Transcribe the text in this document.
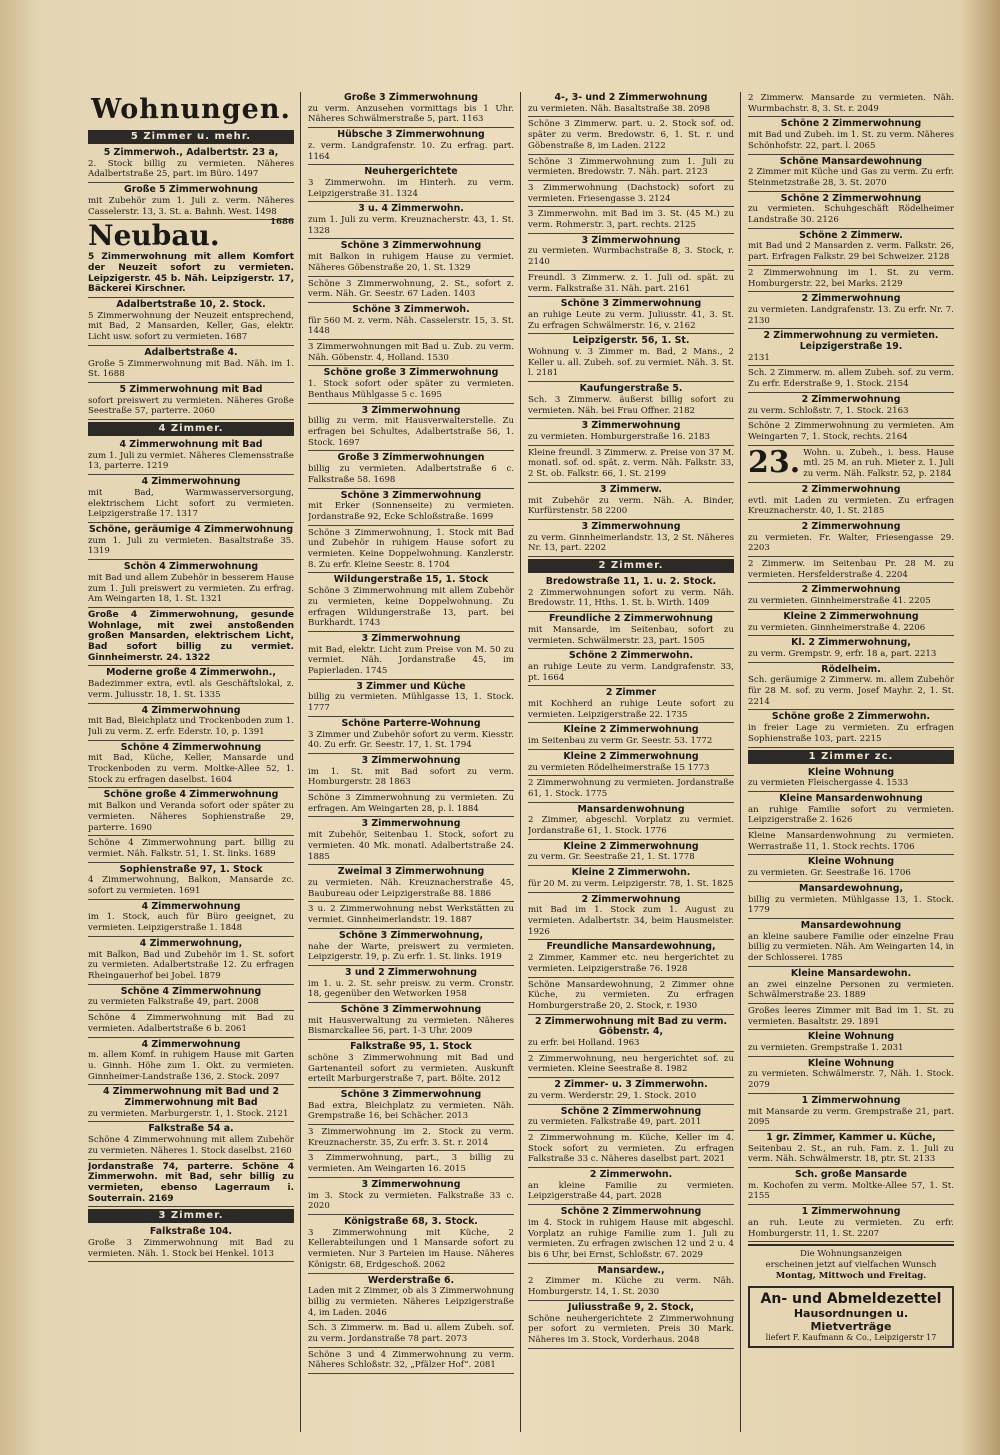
Wohnungen.
5 Zimmer u. mehr.
5 Zimmerwoh., Adalbertstr. 23 a,
2. Stock billig zu vermieten. Näheres Adalbertstraße 25, part. im Büro. 1497
Große 5 Zimmerwohnung
mit Zubehör zum 1. Juli z. verm. Näheres Casselerstr. 13, 3. St. a. Bahnh. West. 1498
Neubau.	1686
5 Zimmerwohnung mit allem Komfort der Neuzeit sofort zu vermieten. Leipzigerstr. 45 b. Näh. Leipzigerstr. 17, Bäckerei Kirschner.
Adalbertstraße 10, 2. Stock.
5 Zimmerwohnung der Neuzeit entsprechend, mit Bad, 2 Mansarden, Keller, Gas, elektr. Licht usw. sofort zu vermieten. 1687
Adalbertstraße 4.
Große 5 Zimmerwohnung mit Bad. Näh. im 1. St. 1688
5 Zimmerwohnung mit Bad
sofort preiswert zu vermieten. Näheres Große Seestraße 57, parterre. 2060
4 Zimmer.
4 Zimmerwohnung mit Bad
zum 1. Juli zu vermiet. Näheres Clemensstraße 13, parterre. 1219
4 Zimmerwohnung
mit Bad, Warmwasserversorgung, elektrischem Licht sofort zu vermieten. Leipzigerstraße 17. 1317
Schöne, geräumige 4 Zimmerwohnung
zum 1. Juli zu vermieten. Basaltstraße 35. 1319
Schön 4 Zimmerwohnung
mit Bad und allem Zubehör in besserem Hause zum 1. Juli preiswert zu vermieten. Zu erfrag. Am Weingarten 18, 1. St. 1321
Große 4 Zimmerwohnung, gesunde Wohnlage, mit zwei anstoßenden großen Mansarden, elektrischem Licht, Bad sofort billig zu vermiet. Ginnheimerstr. 24. 1322
Moderne große 4 Zimmerwohn.,
Badezimmer extra, evtl. als Geschäftslokal, z. verm. Juliusstr. 18, 1. St. 1335
4 Zimmerwohnung
mit Bad, Bleichplatz und Trockenboden zum 1. Juli zu verm. Z. erfr. Ederstr. 10, p. 1391
Schöne 4 Zimmerwohnung
mit Bad, Küche, Keller, Mansarde und Trockenboden zu verm. Moltke-Allee 52, 1. Stock zu erfragen daselbst. 1604
Schöne große 4 Zimmerwohnung
mit Balkon und Veranda sofort oder später zu vermieten. Näheres Sophienstraße 29, parterre. 1690
Schöne 4 Zimmerwohnung part. billig zu vermiet. Näh. Falkstr. 51, 1. St. links. 1689
Sophienstraße 97, 1. Stock
4 Zimmerwohnung, Balkon, Mansarde zc. sofort zu vermieten. 1691
4 Zimmerwohnung
im 1. Stock, auch für Büro geeignet, zu vermieten. Leipzigerstraße 1. 1848
4 Zimmerwohnung,
mit Balkon, Bad und Zubehör im 1. St. sofort zu vermieten. Adalbertstraße 12. Zu erfragen Rheingauerhof bei Jobel. 1879
Schöne 4 Zimmerwohnung
zu vermieten Falkstraße 49, part. 2008
Schöne 4 Zimmerwohnung mit Bad zu vermieten. Adalbertstraße 6 b. 2061
4 Zimmerwohnung
m. allem Komf. in ruhigem Hause mit Garten u. Ginnh. Höhe zum 1. Okt. zu vermieten. Ginnheimer-Landstraße 136, 2. Stock. 2097
4 Zimmerwohnung mit Bad und 2 Zimmerwohnung mit Bad
zu vermieten. Marburgerstr. 1, 1. Stock. 2121
Falkstraße 54 a.
Schöne 4 Zimmerwohnung mit allem Zubehör zu vermieten. Näheres 1. Stock daselbst. 2160
Jordanstraße 74, parterre. Schöne 4 Zimmerwohn. mit Bad, sehr billig zu vermieten, ebenso Lagerraum i. Souterrain. 2169
3 Zimmer.
Falkstraße 104.
Große 3 Zimmerwohnung mit Bad zu vermieten. Näh. 1. Stock bei Henkel. 1013
Große 3 Zimmerwohnung
zu verm. Anzusehen vormittags bis 1 Uhr. Näheres Schwälmerstraße 5, part. 1163
Hübsche 3 Zimmerwohnung
z. verm. Landgrafenstr. 10. Zu erfrag. part. 1164
Neuhergerichtete
3 Zimmerwohn. im Hinterh. zu verm. Leipzigerstraße 31. 1324
3 u. 4 Zimmerwohn.
zum 1. Juli zu verm. Kreuznacherstr. 43, 1. St. 1328
Schöne 3 Zimmerwohnung
mit Balkon in ruhigem Hause zu vermiet. Näheres Göbenstraße 20, 1. St. 1329
Schöne 3 Zimmerwohnung, 2. St., sofort z. verm. Näh. Gr. Seestr. 67 Laden. 1403
Schöne 3 Zimmerwoh.
für 560 M. z. verm. Näh. Casselerstr. 15, 3. St. 1448
3 Zimmerwohnungen mit Bad u. Zub. zu verm. Näh. Göbenstr. 4, Holland. 1530
Schöne große 3 Zimmerwohnung
1. Stock sofort oder später zu vermieten. Benthaus Mühlgasse 5 c. 1695
3 Zimmerwohnung
billig zu verm. mit Hausverwalterstelle. Zu erfragen bei Schultes, Adalbertstraße 56, 1. Stock. 1697
Große 3 Zimmerwohnungen
billig zu vermieten. Adalbertstraße 6 c. Falkstraße 58. 1698
Schöne 3 Zimmerwohnung
mit Erker (Sonnenseite) zu vermieten. Jordanstraße 92, Ecke Schloßstraße. 1699
Schöne 3 Zimmerwohnung, 1. Stock mit Bad und Zubehör in ruhigem Hause sofort zu vermieten. Keine Doppelwohnung. Kanzlerstr. 8. Zu erfr. Kleine Seestr. 8. 1704
Wildungerstraße 15, 1. Stock
Schöne 3 Zimmerwohnung mit allem Zubehör zu vermieten, keine Doppelwohnung. Zu erfragen Wildungerstraße 13, part. bei Burkhardt. 1743
3 Zimmerwohnung
mit Bad, elektr. Licht zum Preise von M. 50 zu vermiet. Näh. Jordanstraße 45, im Papierladen. 1745
3 Zimmer und Küche
billig zu vermieten. Mühlgasse 13, 1. Stock. 1777
Schöne Parterre-Wohnung
3 Zimmer und Zubehör sofort zu verm. Kiesstr. 40. Zu erfr. Gr. Seestr. 17, 1. St. 1794
3 Zimmerwohnung
im 1. St. mit Bad sofort zu verm. Homburgerstr. 28 1863
Schöne 3 Zimmerwohnung zu vermieten. Zu erfragen. Am Weingarten 28, p. l. 1884
3 Zimmerwohnung
mit Zubehör, Seitenbau 1. Stock, sofort zu vermieten. 40 Mk. monatl. Adalbertstraße 24. 1885
Zweimal 3 Zimmerwohnung
zu vermieten. Näh. Kreuznacherstraße 45, Baubureau oder Leipzigerstraße 88. 1886
3 u. 2 Zimmerwohnung nebst Werkstätten zu vermiet. Ginnheimerlandstr. 19. 1887
Schöne 3 Zimmerwohnung,
nahe der Warte, preiswert zu vermieten. Leipzigerstr. 19, p. Zu erfr. 1. St. links. 1919
3 und 2 Zimmerwohnung
im 1. u. 2. St. sehr preisw. zu verm. Cronstr. 18, gegenüber den Wetworken 1958
Schöne 3 Zimmerwohnung
mit Hausverwaltung zu vermieten. Näheres Bismarckallee 56, part. 1-3 Uhr. 2009
Falkstraße 95, 1. Stock
schöne 3 Zimmerwohnung mit Bad und Gartenanteil sofort zu vermieten. Auskunft erteilt Marburgerstraße 7, part. Bölte. 2012
Schöne 3 Zimmerwohnung
Bad extra, Bleichplatz zu vermieten. Näh. Grempstraße 16, bei Schächer. 2013
3 Zimmerwohnung im 2. Stock zu verm. Kreuznacherstr. 35, Zu erfr. 3. St. r. 2014
3 Zimmerwohnung, part., 3 billig zu vermieten. Am Weingarten 16. 2015
3 Zimmerwohnung
im 3. Stock zu vermieten. Falkstraße 33 c. 2020
Königstraße 68, 3. Stock.
3 Zimmerwohnung mit Küche, 2 Kellerabteilungen und 1 Mansarde sofort zu vermieten. Nur 3 Parteien im Hause. Näheres Königstr. 68, Erdgeschoß. 2062
Werderstraße 6.
Laden mit 2 Zimmer, ob als 3 Zimmerwohnung billig zu vermieten. Näheres Leipzigerstraße 4, im Laden. 2046
Sch. 3 Zimmerw. m. Bad u. allem Zubeh. sof. zu verm. Jordanstraße 78 part. 2073
Schöne 3 und 4 Zimmerwohnung zu verm. Näheres Schloßstr. 32, „Pfälzer Hof“. 2081
4-, 3- und 2 Zimmerwohnung
zu vermieten. Näh. Basaltstraße 38. 2098
Schöne 3 Zimmerw. part. u. 2. Stock sof. od. später zu verm. Bredowstr. 6, 1. St. r. und Göbenstraße 8, im Laden. 2122
Schöne 3 Zimmerwohnung zum 1. Juli zu vermieten. Bredowstr. 7. Näh. part. 2123
3 Zimmerwohnung (Dachstock) sofort zu vermieten. Friesengasse 3. 2124
3 Zimmerwohn. mit Bad im 3. St. (45 M.) zu verm. Rohmerstr. 3, part. rechts. 2125
3 Zimmerwohnung
zu vermieten. Wurmbachstraße 8, 3. Stock, r. 2140
Freundl. 3 Zimmerw. z. 1. Juli od. spät. zu verm. Falkstraße 31. Näh. part. 2161
Schöne 3 Zimmerwohnung
an ruhige Leute zu verm. Juliusstr. 41, 3. St. Zu erfragen Schwälmerstr. 16, v. 2162
Leipzigerstr. 56, 1. St.
Wohnung v. 3 Zimmer m. Bad, 2 Mans., 2 Keller u. all. Zubeh. sof. zu vermiet. Näh. 3. St. l. 2181
Kaufungerstraße 5.
Sch. 3 Zimmerw. äußerst billig sofort zu vermieten. Näh. bei Frau Offner. 2182
3 Zimmerwohnung
zu vermieten. Homburgerstraße 16. 2183
Kleine freundl. 3 Zimmerw. z. Preise von 37 M. monatl. sof. od. spät. z. verm. Näh. Falkstr. 33, 2 St. ob. Falkstr. 66, 1. St. 2199
3 Zimmerw.
mit Zubehör zu verm. Näh. A. Binder, Kurfürstenstr. 58 2200
3 Zimmerwohnung
zu verm. Ginnheimerlandstr. 13, 2 St. Näheres Nr. 13, part. 2202
2 Zimmer.
Bredowstraße 11, 1. u. 2. Stock.
2 Zimmerwohnungen sofort zu verm. Näh. Bredowstr. 11, Hths. 1. St. b. Wirth. 1409
Freundliche 2 Zimmerwohnung
mit Mansarde, im Seitenbau, sofort zu vermieten. Schwälmerstr. 23, part. 1505
Schöne 2 Zimmerwohn.
an ruhige Leute zu verm. Landgrafenstr. 33, pt. 1664
2 Zimmer
mit Kochherd an ruhige Leute sofort zu vermieten. Leipzigerstraße 22. 1735
Kleine 2 Zimmerwohnung
im Seitenbau zu verm Gr. Seestr. 53. 1772
Kleine 2 Zimmerwohnung
zu vermieten Rödelheimerstraße 15 1773
2 Zimmerwohnung zu vermieten. Jordanstraße 61, 1. Stock. 1775
Mansardenwohnung
2 Zimmer, abgeschl. Vorplatz zu vermiet. Jordanstraße 61, 1. Stock. 1776
Kleine 2 Zimmerwohnung
zu verm. Gr. Seestraße 21, 1. St. 1778
Kleine 2 Zimmerwohn.
für 20 M. zu verm. Leipzigerstr. 78, 1. St. 1825
2 Zimmerwohnung
mit Bad im 1. Stock zum 1. August zu vermieten. Adalbertstr. 34, beim Hausmeister. 1926
Freundliche Mansardewohnung,
2 Zimmer, Kammer etc. neu hergerichtet zu vermieten. Leipzigerstraße 76. 1928
Schöne Mansardewohnung, 2 Zimmer ohne Küche, zu vermieten. Zu erfragen Homburgerstraße 20, 2. Stock, r. 1930
2 Zimmerwohnung mit Bad zu verm. Göbenstr. 4,
zu erfr. bei Holland. 1963
2 Zimmerwohnung, neu hergerichtet sof. zu vermieten. Kleine Seestraße 8. 1982
2 Zimmer- u. 3 Zimmerwohn.
zu verm. Werderstr. 29, 1. Stock. 2010
Schöne 2 Zimmerwohnung
zu vermieten. Falkstraße 49, part. 2011
2 Zimmerwohnung m. Küche, Keller im 4. Stock sofort zu vermieten. Zu erfragen Falkstraße 33 c. Näheres daselbst part. 2021
2 Zimmerwohn.
an kleine Familie zu vermieten. Leipzigerstraße 44, part. 2028
Schöne 2 Zimmerwohnung
im 4. Stock in ruhigem Hause mit abgeschl. Vorplatz an ruhige Familie zum 1. Juli zu vermieten. Zu erfragen zwischen 12 und 2 u. 4 bis 6 Uhr, bei Ernst, Schloßstr. 67. 2029
Mansardew.,
2 Zimmer m. Küche zu verm. Näh. Homburgerstr. 14, 1. St. 2030
Juliusstraße 9, 2. Stock,
Schöne neuhergerichtete 2 Zimmerwohnung per sofort zu vermieten. Preis 30 Mark. Näheres im 3. Stock, Vorderhaus. 2048
2 Zimmerw. Mansarde zu vermieten. Näh. Wurmbachstr. 8, 3. St. r. 2049
Schöne 2 Zimmerwohnung
mit Bad und Zubeh. im 1. St. zu verm. Näheres Schönhofstr. 22, part. l. 2065
Schöne Mansardewohnung
2 Zimmer mit Küche und Gas zu verm. Zu erfr. Steinmetzstraße 28, 3. St. 2070
Schöne 2 Zimmerwohnung
zu vermieten. Schuhgeschäft Rödelheimer Landstraße 30. 2126
Schöne 2 Zimmerw.
mit Bad und 2 Mansarden z. verm. Falkstr. 26, part. Erfragen Falkstr. 29 bei Schweizer. 2128
2 Zimmerwohnung im 1. St. zu verm. Homburgerstr. 22, bei Marks. 2129
2 Zimmerwohnung
zu vermieten. Landgrafenstr. 13. Zu erfr. Nr. 7. 2130
2 Zimmerwohnung zu vermieten. Leipzigerstraße 19.
2131
Sch. 2 Zimmerw. m. allem Zubeh. sof. zu verm. Zu erfr. Ederstraße 9, 1. Stock. 2154
2 Zimmerwohnung
zu verm. Schloßstr. 7, 1. Stock. 2163
Schöne 2 Zimmerwohnung zu vermieten. Am Weingarten 7, 1. Stock, rechts. 2164
23. Wohn. u. Zubeh., i. bess. Hause mtl. 25 M. an ruh. Mieter z. 1. Juli zu verm. Näh. Falkstr. 52, p. 2184
2 Zimmerwohnung
evtl. mit Laden zu vermieten. Zu erfragen Kreuznacherstr. 40, 1. St. 2185
2 Zimmerwohnung
zu vermieten. Fr. Walter, Friesengasse 29. 2203
2 Zimmerw. im Seitenbau Pr. 28 M. zu vermieten. Hersfelderstraße 4. 2204
2 Zimmerwohnung
zu vermieten. Ginnheimerstraße 41. 2205
Kleine 2 Zimmerwohnung
zu vermieten. Ginnheimerstraße 4. 2206
Kl. 2 Zimmerwohnung,
zu verm. Grempstr. 9, erfr. 18 a, part. 2213
Rödelheim.
Sch. geräumige 2 Zimmerw. m. allem Zubehör für 28 M. sof. zu verm. Josef Mayhr. 2, 1. St. 2214
Schöne große 2 Zimmerwohn.
in freier Lage zu vermieten. Zu erfragen Sophienstraße 103, part. 2215
1 Zimmer zc.
Kleine Wohnung
zu vermieten Fleischergasse 4. 1533
Kleine Mansardenwohnung
an ruhige Familie sofort zu vermieten. Leipzigerstraße 2. 1626
Kleine Mansardenwohnung zu vermieten. Werrastraße 11, 1. Stock rechts. 1706
Kleine Wohnung
zu vermieten. Gr. Seestraße 16. 1706
Mansardewohnung,
billig zu vermieten. Mühlgasse 13, 1. Stock. 1779
Mansardewohnung
an kleine saubere Familie oder einzelne Frau billig zu vermieten. Näh. Am Weingarten 14, in der Schlosserei. 1785
Kleine Mansardewohn.
an zwei einzelne Personen zu vermieten. Schwälmerstraße 23. 1889
Großes leeres Zimmer mit Bad im 1. St. zu vermieten. Basaltstr. 29. 1891
Kleine Wohnung
zu vermieten. Grempstraße 1. 2031
Kleine Wohnung
zu vermieten. Schwälmerstr. 7, Näh. 1. Stock. 2079
1 Zimmerwohnung
mit Mansarde zu verm. Grempstraße 21, part. 2095
1 gr. Zimmer, Kammer u. Küche,
Seitenbau 2. St., an ruh. Fam. z. 1. Juli zu verm. Näh. Schwälmerstr. 18, ptr. St. 2133
Sch. große Mansarde
m. Kochofen zu verm. Moltke-Allee 57, 1. St. 2155
1 Zimmerwohnung
an ruh. Leute zu vermieten. Zu erfr. Homburgerstr. 11, 1. St. 2207
Die Wohnungsanzeigen
erscheinen jetzt auf vielfachen Wunsch
Montag, Mittwoch und Freitag.
An- und Abmeldezettel
Hausordnungen u. Mietverträge
liefert F. Kaufmann & Co., Leipzigerstr 17
